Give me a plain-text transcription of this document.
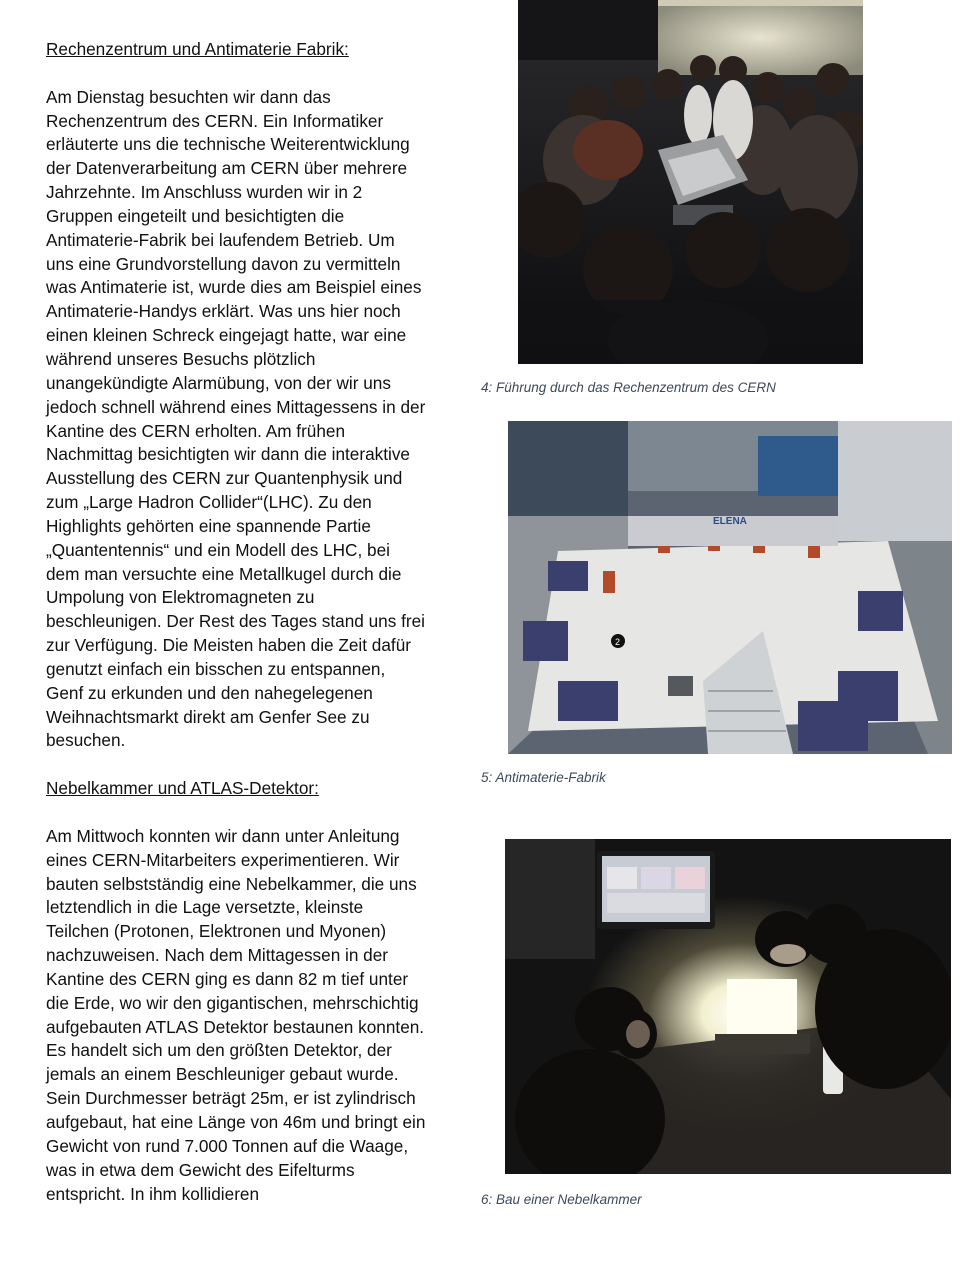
Rechenzentrum und Antimaterie Fabrik:

Am Dienstag besuchten wir dann das Rechenzentrum des CERN. Ein Informatiker erläuterte uns die technische Weiterentwicklung der Datenverarbeitung am CERN über mehrere Jahrzehnte. Im Anschluss wurden wir in 2 Gruppen eingeteilt und besichtigten die Antimaterie-Fabrik bei laufendem Betrieb. Um uns eine Grundvorstellung davon zu vermitteln was Antimaterie ist, wurde dies am Beispiel eines Antimaterie-Handys erklärt. Was uns hier noch einen kleinen Schreck eingejagt hatte, war eine während unseres Besuchs plötzlich unangekündigte Alarmübung, von der wir uns jedoch schnell während eines Mittagessens in der Kantine des CERN erholten. Am frühen Nachmittag besichtigten wir dann die interaktive Ausstellung des CERN zur Quantenphysik und zum „Large Hadron Collider“(LHC). Zu den Highlights gehörten eine spannende Partie „Quantentennis“ und ein Modell des LHC, bei dem man versuchte eine Metallkugel durch die Umpolung von Elektromagneten zu beschleunigen. Der Rest des Tages stand uns frei zur Verfügung. Die Meisten haben die Zeit dafür genutzt einfach ein bisschen zu entspannen, Genf zu erkunden und den nahegelegenen Weihnachtsmarkt direkt am Genfer See zu besuchen.

Nebelkammer und ATLAS-Detektor:

Am Mittwoch konnten wir dann unter Anleitung eines CERN-Mitarbeiters experimentieren. Wir bauten selbstständig eine Nebelkammer, die uns letztendlich in die Lage versetzte, kleinste Teilchen (Protonen, Elektronen und Myonen) nachzuweisen. Nach dem Mittagessen in der Kantine des CERN ging es dann 82 m tief unter die Erde, wo wir den gigantischen, mehrschichtig aufgebauten ATLAS Detektor bestaunen konnten. Es handelt sich um den größten Detektor, der jemals an einem Beschleuniger gebaut wurde. Sein Durchmesser beträgt 25m, er ist zylindrisch aufgebaut, hat eine Länge von 46m und bringt ein Gewicht von rund 7.000 Tonnen auf die Waage, was in etwa dem Gewicht des Eifelturms entspricht. In ihm kollidieren

4: Führung durch das Rechenzentrum des CERN
ELENA
2
5: Antimaterie-Fabrik
6: Bau einer Nebelkammer
